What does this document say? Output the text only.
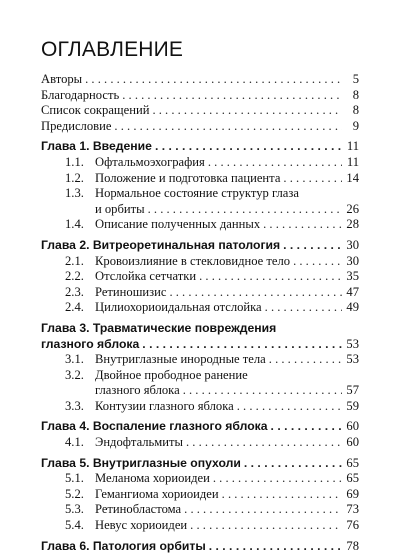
ОГЛАВЛЕНИЕ
Авторы . . .	5
Благодарность . . .	8
Список сокращений . . .	8
Предисловие . . .	9
Глава 1. Введение . . .	11
1.1. Офтальмоэхография . . .	11
1.2. Положение и подготовка пациента . . .	14
1.3. Нормальное состояние структур глаза
и орбиты . . .	26
1.4. Описание полученных данных . . .	28
Глава 2. Витреоретинальная патология . . .	30
2.1. Кровоизлияние в стекловидное тело . . .	30
2.2. Отслойка сетчатки . . .	35
2.3. Ретиношизис . . .	47
2.4. Цилиохориоидальная отслойка . . .	49
Глава 3. Травматические повреждения
глазного яблока . . .	53
3.1. Внутриглазные инородные тела . . .	53
3.2. Двойное прободное ранение
глазного яблока . . .	57
3.3. Контузии глазного яблока . . .	59
Глава 4. Воспаление глазного яблока . . .	60
4.1. Эндофтальмиты . . .	60
Глава 5. Внутриглазные опухоли . . .	65
5.1. Меланома хориоидеи . . .	65
5.2. Гемангиома хориоидеи . . .	69
5.3. Ретинобластома . . .	73
5.4. Невус хориоидеи . . .	76
Глава 6. Патология орбиты . . .	78
